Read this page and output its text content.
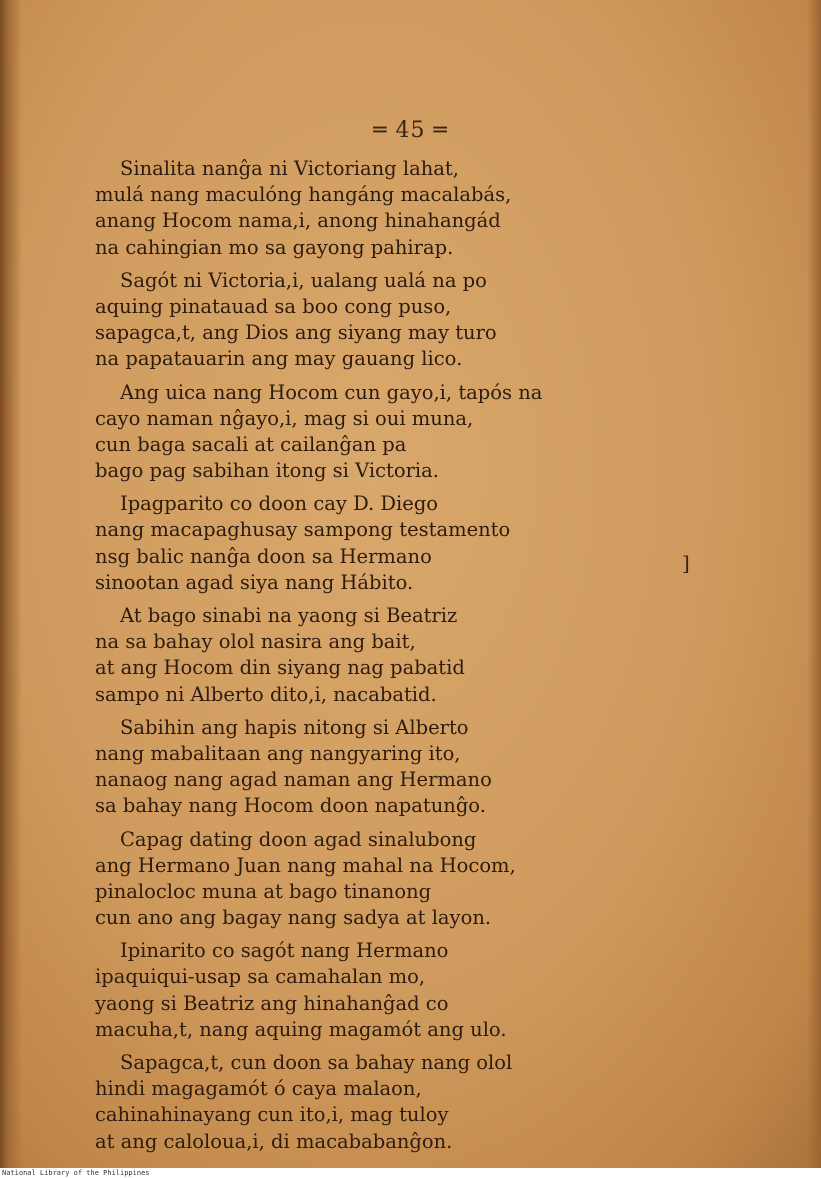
═ 45 ═
Sinalita nanĝa ni Victoriang lahat,
mulá nang maculóng hangáng macalabás,
anang Hocom nama,i, anong hinahangád
na cahingian mo sa gayong pahirap.
Sagót ni Victoria,i, ualang ualá na po
aquing pinatauad sa boo cong puso,
sapagca,t, ang Dios ang siyang may turo
na papatauarin ang may gauang lico.
Ang uica nang Hocom cun gayo,i, tapós na
cayo naman nĝayo,i, mag si oui muna,
cun baga sacali at cailanĝan pa
bago pag sabihan itong si Victoria.
Ipagparito co doon cay D. Diego
nang macapaghusay sampong testamento
nsg balic nanĝa doon sa Hermano
sinootan agad siya nang Hábito.
At bago sinabi na yaong si Beatriz
na sa bahay olol nasira ang bait,
at ang Hocom din siyang nag pabatid
sampo ni Alberto dito,i, nacabatid.
Sabihin ang hapis nitong si Alberto
nang mabalitaan ang nangyaring ito,
nanaog nang agad naman ang Hermano
sa bahay nang Hocom doon napatunĝo.
Capag dating doon agad sinalubong
ang Hermano Juan nang mahal na Hocom,
pinalocloc muna at bago tinanong
cun ano ang bagay nang sadya at layon.
Ipinarito co sagót nang Hermano
ipaquiqui-usap sa camahalan mo,
yaong si Beatriz ang hinahanĝad co
macuha,t, nang aquing magamót ang ulo.
Sapagca,t, cun doon sa bahay nang olol
hindi magagamót ó caya malaon,
cahinahinayang cun ito,i, mag tuloy
at ang caloloua,i, di macababanĝon.
]
National Library of the Philippines
